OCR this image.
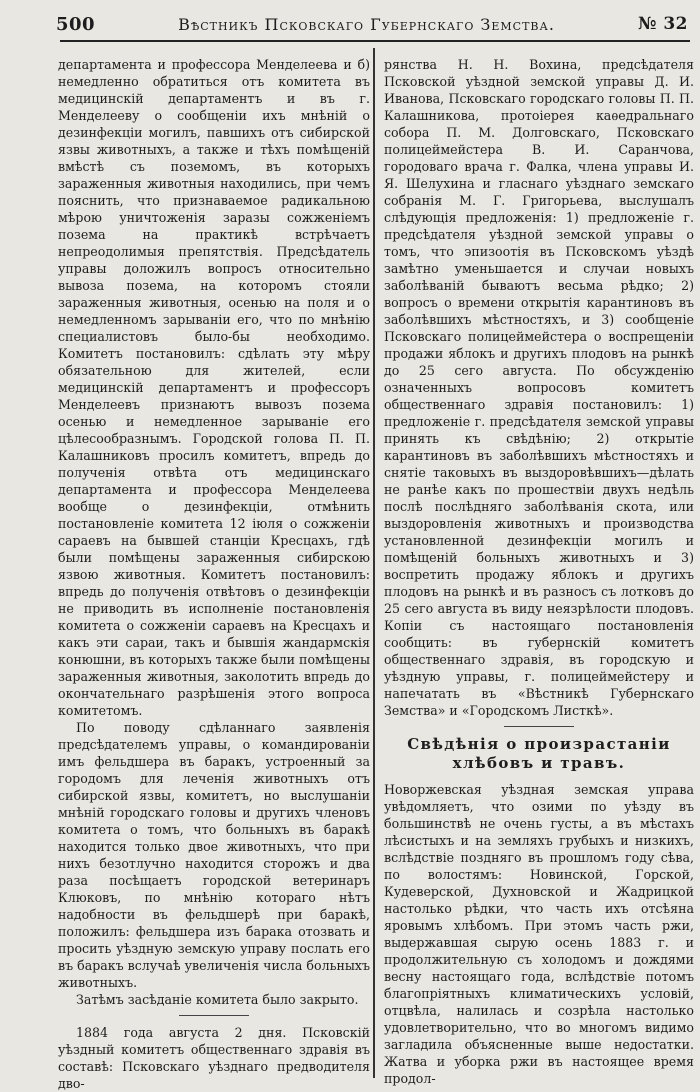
500	Вѣстникъ Псковскаго Губернскаго Земства.	№ 32

департамента и профессора Менделеева и б) немедленно обратиться отъ комитета въ медицинскій департаментъ и въ г. Менделееву о сообщеніи ихъ мнѣній о дезинфекціи могилъ, павшихъ отъ сибирской язвы животныхъ, а также и тѣхъ помѣщеній вмѣстѣ съ поземомъ, въ которыхъ зараженныя животныя находились, при чемъ пояснить, что признаваемое радикальною мѣрою уничтоженія заразы сожженіемъ позема на практикѣ встрѣчаетъ непреодолимыя препятствія. Предсѣдатель управы доложилъ вопросъ относительно вывоза позема, на которомъ стояли зараженныя животныя, осенью на поля и о немедленномъ зарываніи его, что по мнѣнію специалистовъ было-бы необходимо. Комитетъ постановилъ: сдѣлать эту мѣру обязательною для жителей, если медицинскій департаментъ и профессоръ Менделеевъ признаютъ вывозъ позема осенью и немедленное зарываніе его цѣлесообразнымъ. Городской голова П. П. Калашниковъ просилъ комитетъ, впредь до полученія отвѣта отъ медицинскаго департамента и профессора Менделеева вообще о дезинфекціи, отмѣнить постановленіе комитета 12 іюля о сожженіи сараевъ на бывшей станціи Кресцахъ, гдѣ были помѣщены зараженныя сибирскою язвою животныя. Комитетъ постановилъ: впредь до полученія отвѣтовъ о дезинфекціи не приводить въ исполненіе постановленія комитета о сожженіи сараевъ на Кресцахъ и какъ эти сараи, такъ и бывшія жандармскія конюшни, въ которыхъ также были помѣщены зараженныя животныя, заколотить впредь до окончательнаго разрѣшенія этого вопроса комитетомъ.

По поводу сдѣланнаго заявленія предсѣдателемъ управы, о командированіи имъ фельдшера въ баракъ, устроенный за городомъ для леченія животныхъ отъ сибирской язвы, комитетъ, но выслушаніи мнѣній городскаго головы и другихъ членовъ комитета о томъ, что больныхъ въ баракѣ находится только двое животныхъ, что при нихъ безотлучно находится сторожъ и два раза посѣщаетъ городской ветеринаръ Клюковъ, по мнѣнію котораго нѣтъ надобности въ фельдшерѣ при баракѣ, положилъ: фельдшера изъ барака отозвать и просить уѣздную земскую управу послать его въ баракъ вслучаѣ увеличенія числа больныхъ животныхъ.

Затѣмъ засѣданіе комитета было закрыто.

1884 года августа 2 дня. Псковскій уѣздный комитетъ общественнаго здравія въ составѣ: Псковскаго уѣзднаго предводителя дво-

рянства Н. Н. Вохина, предсѣдателя Псковской уѣздной земской управы Д. И. Иванова, Псковскаго городскаго головы П. П. Калашникова, протоіерея каѳедральнаго собора П. М. Долговскаго, Псковскаго полицеймейстера В. И. Саранчова, городоваго врача г. Фалка, члена управы И. Я. Шелухина и гласнаго уѣзднаго земскаго собранія М. Г. Григорьева, выслушалъ слѣдующія предложенія: 1) предложеніе г. предсѣдателя уѣздной земской управы о томъ, что эпизоотія въ Псковскомъ уѣздѣ замѣтно уменьшается и случаи новыхъ заболѣваній бываютъ весьма рѣдко; 2) вопросъ о времени открытія карантиновъ въ заболѣвшихъ мѣстностяхъ, и 3) сообщеніе Псковскаго полицеймейстера о воспрещеніи продажи яблокъ и другихъ плодовъ на рынкѣ до 25 сего августа. По обсужденію означенныхъ вопросовъ комитетъ общественнаго здравія постановилъ: 1) предложеніе г. предсѣдателя земской управы принять къ свѣдѣнію; 2) открытіе карантиновъ въ заболѣвшихъ мѣстностяхъ и снятіе таковыхъ въ выздоровѣвшихъ—дѣлать не ранѣе какъ по прошествіи двухъ недѣль послѣ послѣдняго заболѣванія скота, или выздоровленія животныхъ и производства установленной дезинфекціи могилъ и помѣщеній больныхъ животныхъ и 3) воспретить продажу яблокъ и другихъ плодовъ на рынкѣ и въ разносъ съ лотковъ до 25 сего августа въ виду неязрѣлости плодовъ. Копіи съ настоящаго постановленія сообщить: въ губернскій комитетъ общественнаго здравія, въ городскую и уѣздную управы, г. полицеймейстеру и напечатать въ «Вѣстникѣ Губернскаго Земства» и «Городскомъ Листкѣ».

Свѣдѣнія о произрастаніи хлѣбовъ и травъ.

Новоржевская уѣздная земская управа увѣдомляетъ, что озими по уѣзду въ большинствѣ не очень густы, а въ мѣстахъ лѣсистыхъ и на земляхъ грубыхъ и низкихъ, вслѣдствіе поздняго въ прошломъ году сѣва, по волостямъ: Новинской, Горской, Кудеверской, Духновской и Жадрицкой настолько рѣдки, что часть ихъ отсѣяна яровымъ хлѣбомъ. При этомъ часть ржи, выдержавшая сырую осень 1883 г. и продолжительную съ холодомъ и дождями весну настоящаго года, вслѣдствіе потомъ благопріятныхъ климатическихъ условій, отцвѣла, налилась и созрѣла настолько удовлетворительно, что во многомъ видимо загладила объясненные выше недостатки. Жатва и уборка ржи въ настоящее время продол-
